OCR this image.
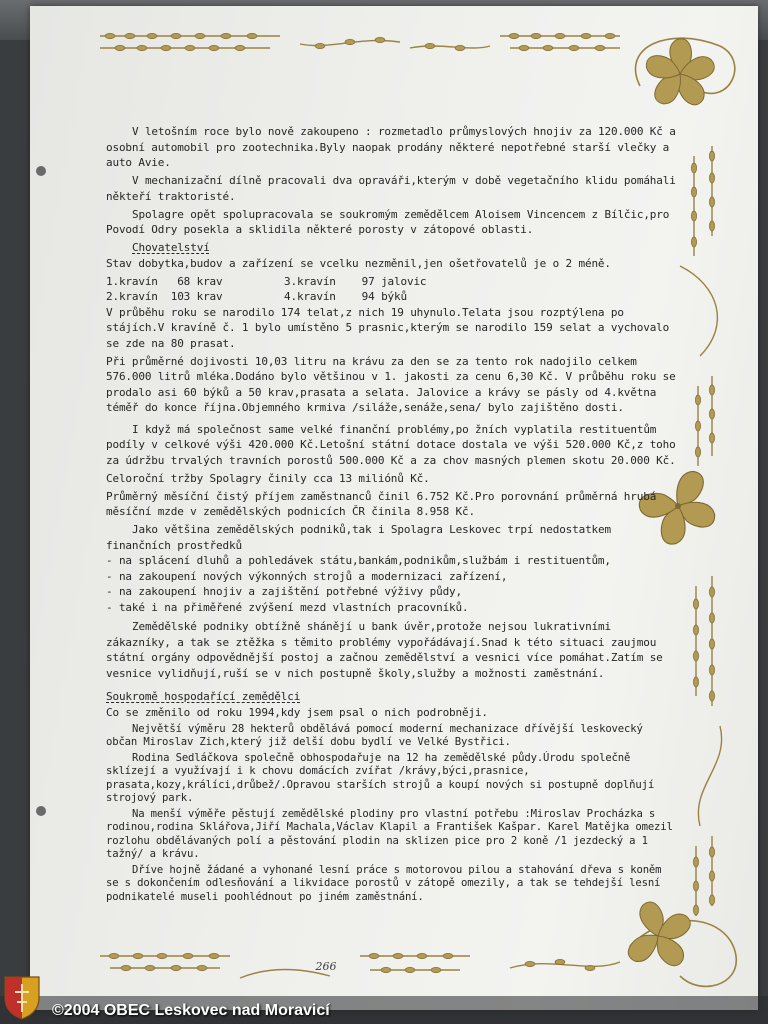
V letošním roce bylo nově zakoupeno : rozmetadlo průmyslových hnojiv za 120.000 Kč a osobní automobil pro zootechnika.Byly naopak prodány některé nepotřebné starší vlečky a auto Avie.

V mechanizační dílně pracovali dva opraváři,kterým v době vegetačního klidu pomáhali někteří traktoristé.

Spolagre opět spolupracovala se soukromým zemědělcem Aloisem Vincencem z Bílčic,pro Povodí Odry posekla a sklidila některé porosty v zátopové oblasti.

Chovatelství

Stav dobytka,budov a zařízení se vcelku nezměnil,jen ošetřovatelů je o 2 méně.

1.kravín   68 krav	3.kravín    97 jalovic
2.kravín  103 krav	4.kravín    94 býků

V průběhu roku se narodilo 174 telat,z nich 19 uhynulo.Telata jsou rozptýlena po stájích.V kravíně č. 1 bylo umístěno 5 prasnic,kterým se narodilo 159 selat a vychovalo se zde na 80 prasat.

Při průměrné dojivosti 10,03 litru na krávu za den se za tento rok nadojilo celkem 576.000 litrů mléka.Dodáno bylo většinou v 1. jakosti za cenu 6,30 Kč. V průběhu roku se prodalo asi 60 býků a 50 krav,prasata a selata. Jalovice a krávy se pásly od 4.května téměř do konce října.Objemného krmiva /siláže,senáže,sena/ bylo zajištěno dosti.

I když má společnost same velké finanční problémy,po žních vyplatila restituentům podíly v celkové výši 420.000 Kč.Letošní státní dotace dostala ve výši 520.000 Kč,z toho za údržbu trvalých travních porostů 500.000 Kč a za chov masných plemen skotu 20.000 Kč.

Celoroční tržby Spolagry činily cca 13 miliónů Kč.

Průměrný měsíční čistý příjem zaměstnanců činil 6.752 Kč.Pro porovnání průměrná hrubá měsíční mzde v zemědělských podnicích ČR činila 8.958 Kč.

Jako většina zemědělských podniků,tak i Spolagra Leskovec trpí nedostatkem finančních prostředků

- na splácení dluhů a pohledávek státu,bankám,podnikům,službám i restituentům,

- na zakoupení nových výkonných strojů a modernizaci zařízení,

- na zakoupení hnojiv a zajištění potřebné výživy půdy,

- také i na přiměřené zvýšení mezd vlastních pracovníků.

Zemědělské podniky obtížně shánějí u bank úvěr,protože nejsou lukrativními zákazníky, a tak se ztěžka s těmito problémy vypořádávají.Snad k této situaci zaujmou státní orgány odpovědnější postoj a začnou zemědělství a vesnici více pomáhat.Zatím se vesnice vylidňují,ruší se v nich postupně školy,služby a možnosti zaměstnání.

Soukromě hospodařící zemědělci

Co se změnilo od roku 1994,kdy jsem psal o nich podrobněji.

Největší výměru 28 hekterů obdělává pomocí moderní mechanizace dřívější leskovecký občan Miroslav Zich,který již delší dobu bydlí ve Velké Bystřici.

Rodina Sedláčkova společně obhospodařuje na 12 ha zemědělské půdy.Úrodu společně sklízejí a využívají i k chovu domácích zvířat /krávy,býci,prasnice, prasata,kozy,králíci,drůbež/.Opravou starších strojů a koupí nových si postupně doplňují strojový park.

Na menší výměře pěstují zemědělské plodiny pro vlastní potřebu :Miroslav Procházka s rodinou,rodina Sklářova,Jiří Machala,Václav Klapil a František Kašpar. Karel Matějka omezil rozlohu obdělávaných polí a pěstování plodin na sklizen pice pro 2 koně /1 jezdecký a 1 tažný/ a krávu.

Dříve hojně žádané a vyhonané lesní práce s motorovou pilou a stahování dřeva s koněm se s dokončením odlesňování a likvidace porostů v zátopě omezily, a tak se tehdejší lesní podnikatelé museli poohlédnout po jiném zaměstnání.

266
©2004 OBEC Leskovec nad Moravicí
